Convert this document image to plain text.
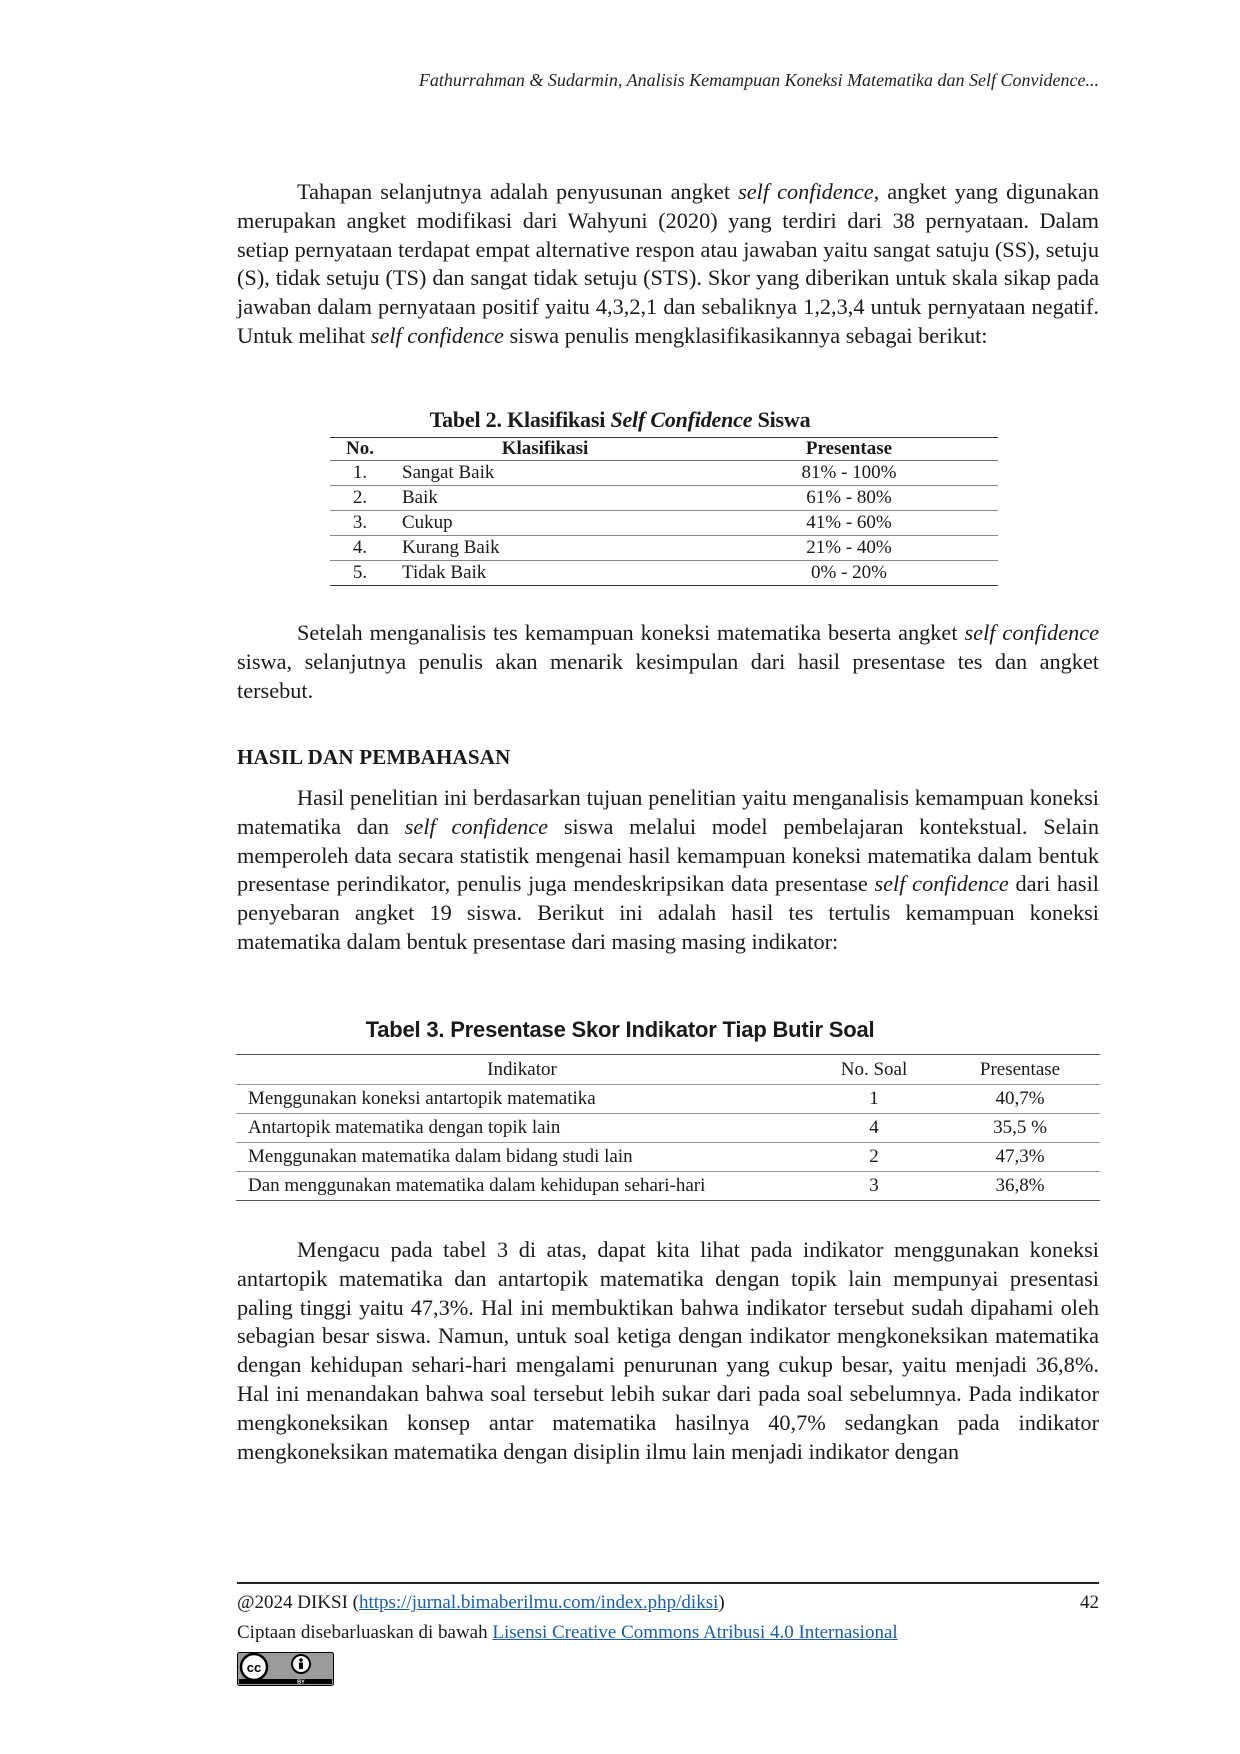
Fathurrahman & Sudarmin, Analisis Kemampuan Koneksi Matematika dan Self Convidence...

Tahapan selanjutnya adalah penyusunan angket self confidence, angket yang digunakan merupakan angket modifikasi dari Wahyuni (2020) yang terdiri dari 38 pernyataan. Dalam setiap pernyataan terdapat empat alternative respon atau jawaban yaitu sangat satuju (SS), setuju (S), tidak setuju (TS) dan sangat tidak setuju (STS). Skor yang diberikan untuk skala sikap pada jawaban dalam pernyataan positif yaitu 4,3,2,1 dan sebaliknya 1,2,3,4 untuk pernyataan negatif. Untuk melihat self confidence siswa penulis mengklasifikasikannya sebagai berikut:

Tabel 2. Klasifikasi Self Confidence Siswa
No.	Klasifikasi	Presentase
1.	Sangat Baik	81% - 100%
2.	Baik	61% - 80%
3.	Cukup	41% - 60%
4.	Kurang Baik	21% - 40%
5.	Tidak Baik	0% - 20%

Setelah menganalisis tes kemampuan koneksi matematika beserta angket self confidence siswa, selanjutnya penulis akan menarik kesimpulan dari hasil presentase tes dan angket tersebut.

HASIL DAN PEMBAHASAN

Hasil penelitian ini berdasarkan tujuan penelitian yaitu menganalisis kemampuan koneksi matematika dan self confidence siswa melalui model pembelajaran kontekstual. Selain memperoleh data secara statistik mengenai hasil kemampuan koneksi matematika dalam bentuk presentase perindikator, penulis juga mendeskripsikan data presentase self confidence dari hasil penyebaran angket 19 siswa. Berikut ini adalah hasil tes tertulis kemampuan koneksi matematika dalam bentuk presentase dari masing masing indikator:

Tabel 3. Presentase Skor Indikator Tiap Butir Soal
Indikator	No. Soal	Presentase
Menggunakan koneksi antartopik matematika	1	40,7%
Antartopik matematika dengan topik lain	4	35,5 %
Menggunakan matematika dalam bidang studi lain	2	47,3%
Dan menggunakan matematika dalam kehidupan sehari-hari	3	36,8%

Mengacu pada tabel 3 di atas, dapat kita lihat pada indikator menggunakan koneksi antartopik matematika dan antartopik matematika dengan topik lain mempunyai presentasi paling tinggi yaitu 47,3%. Hal ini membuktikan bahwa indikator tersebut sudah dipahami oleh sebagian besar siswa. Namun, untuk soal ketiga dengan indikator mengkoneksikan matematika dengan kehidupan sehari-hari mengalami penurunan yang cukup besar, yaitu menjadi 36,8%. Hal ini menandakan bahwa soal tersebut lebih sukar dari pada soal sebelumnya. Pada indikator mengkoneksikan konsep antar matematika hasilnya 40,7% sedangkan pada indikator mengkoneksikan matematika dengan disiplin ilmu lain menjadi indikator dengan

@2024 DIKSI (https://jurnal.bimaberilmu.com/index.php/diksi)	42
Ciptaan disebarluaskan di bawah Lisensi Creative Commons Atribusi 4.0 Internasional
cc
BY
